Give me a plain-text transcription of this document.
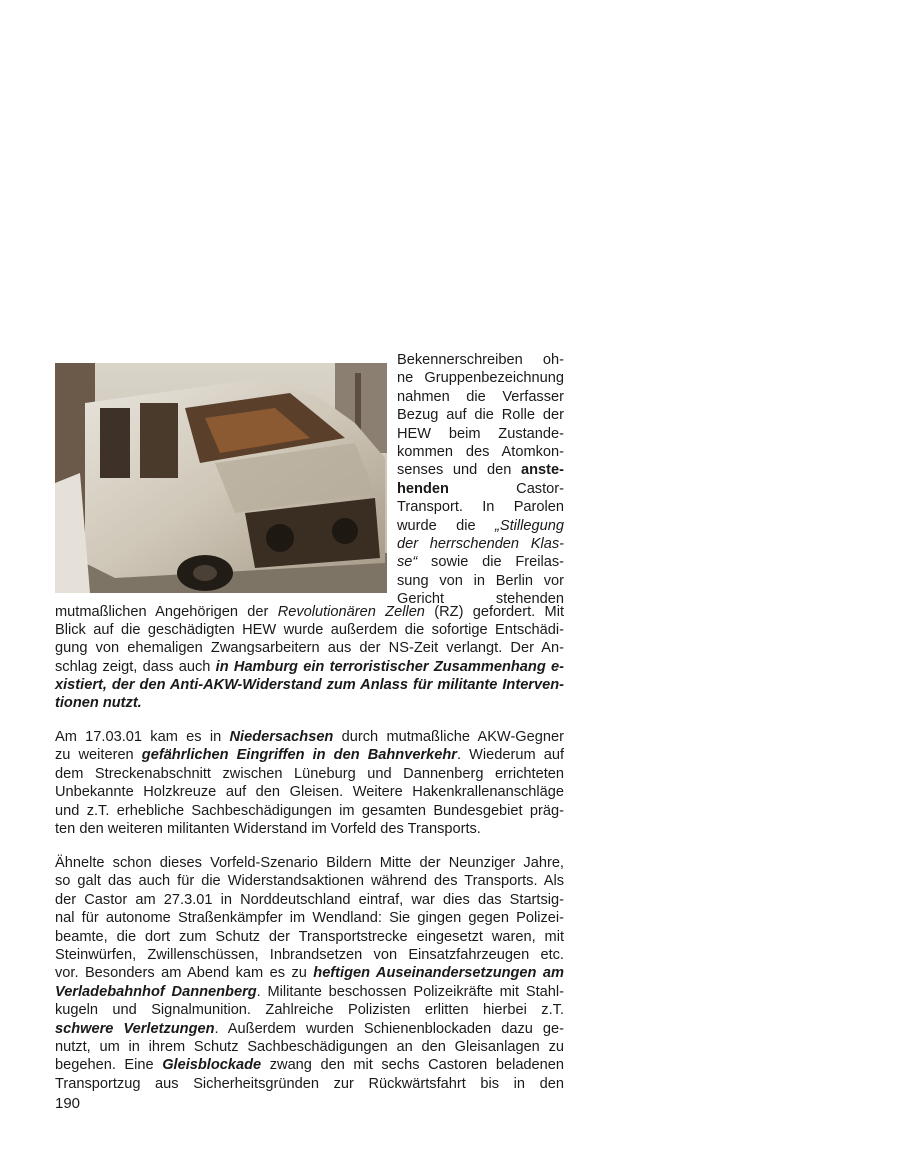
Bekennerschreiben oh-
ne Gruppenbezeichnung
nahmen die Verfasser
Bezug auf die Rolle der
HEW beim Zustande-
kommen des Atomkon-
senses und den anste-
henden Castor-
Transport. In Parolen
wurde die „Stillegung
der herrschenden Klas-
se“ sowie die Freilas-
sung von in Berlin vor
Gericht stehenden
mutmaßlichen Angehörigen der Revolutionären Zellen (RZ) gefordert. Mit
Blick auf die geschädigten HEW wurde außerdem die sofortige Entschädi-
gung von ehemaligen Zwangsarbeitern aus der NS-Zeit verlangt. Der An-
schlag zeigt, dass auch in Hamburg ein terroristischer Zusammenhang e-
xistiert, der den Anti-AKW-Widerstand zum Anlass für militante Interven-
tionen nutzt.
Am 17.03.01 kam es in Niedersachsen durch mutmaßliche AKW-Gegner
zu weiteren gefährlichen Eingriffen in den Bahnverkehr. Wiederum auf
dem Streckenabschnitt zwischen Lüneburg und Dannenberg errichteten
Unbekannte Holzkreuze auf den Gleisen. Weitere Hakenkrallenanschläge
und z.T. erhebliche Sachbeschädigungen im gesamten Bundesgebiet präg-
ten den weiteren militanten Widerstand im Vorfeld des Transports.
Ähnelte schon dieses Vorfeld-Szenario Bildern Mitte der Neunziger Jahre,
so galt das auch für die Widerstandsaktionen während des Transports. Als
der Castor am 27.3.01 in Norddeutschland eintraf, war dies das Startsig-
nal für autonome Straßenkämpfer im Wendland: Sie gingen gegen Polizei-
beamte, die dort zum Schutz der Transportstrecke eingesetzt waren, mit
Steinwürfen, Zwillenschüssen, Inbrandsetzen von Einsatzfahrzeugen etc.
vor. Besonders am Abend kam es zu heftigen Auseinandersetzungen am
Verladebahnhof Dannenberg. Militante beschossen Polizeikräfte mit Stahl-
kugeln und Signalmunition. Zahlreiche Polizisten erlitten hierbei z.T.
schwere Verletzungen. Außerdem wurden Schienenblockaden dazu ge-
nutzt, um in ihrem Schutz Sachbeschädigungen an den Gleisanlagen zu
begehen. Eine Gleisblockade zwang den mit sechs Castoren beladenen
Transportzug aus Sicherheitsgründen zur Rückwärtsfahrt bis in den
190
